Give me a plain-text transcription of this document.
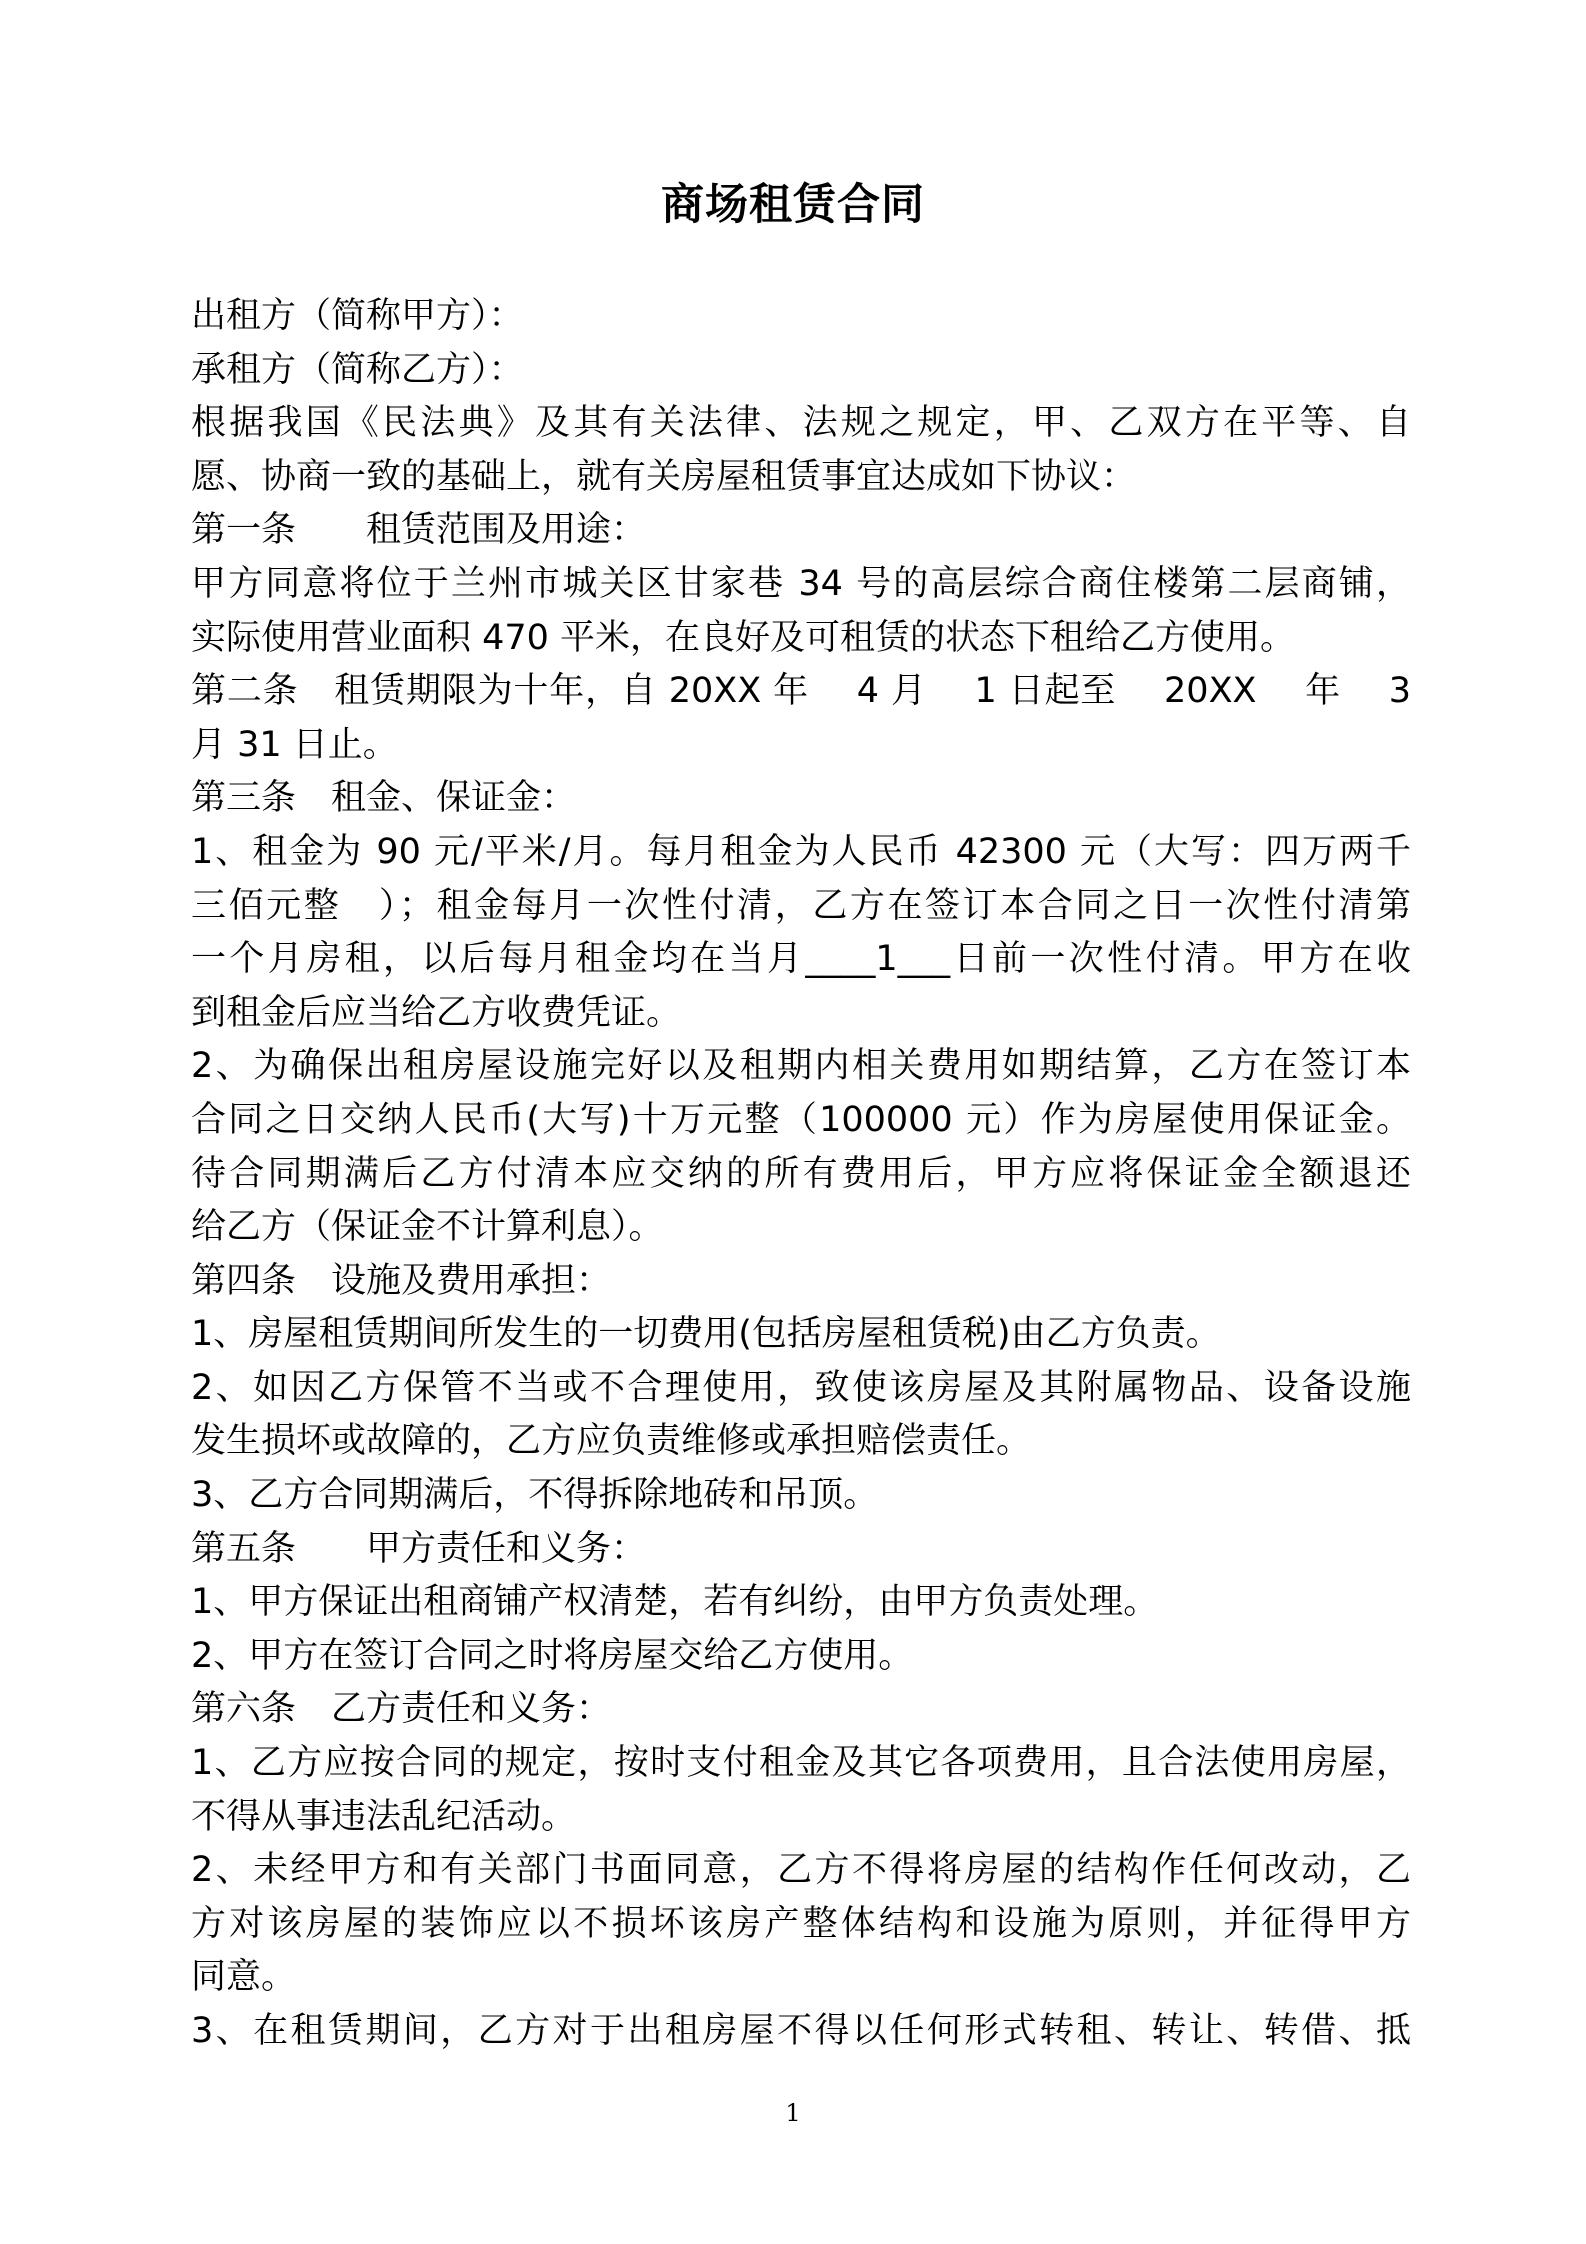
商场租赁合同
出租方（简称甲方）：
承租方（简称乙方）：
根据我国《民法典》及其有关法律、法规之规定，甲、乙双方在平等、自
愿、协商一致的基础上，就有关房屋租赁事宜达成如下协议：
第一条　　租赁范围及用途：
甲方同意将位于兰州市城关区甘家巷 34 号的高层综合商住楼第二层商铺，
实际使用营业面积 470 平米，在良好及可租赁的状态下租给乙方使用。
第二条　租赁期限为十年，自 20XX 年　 4 月　 1 日起至　 20XX　 年　 3
月 31 日止。
第三条　租金、保证金：
1、租金为 90 元/平米/月。每月租金为人民币 42300 元（大写：四万两千
三佰元整　）；租金每月一次性付清，乙方在签订本合同之日一次性付清第
一个月房租，以后每月租金均在当月____1___日前一次性付清。甲方在收
到租金后应当给乙方收费凭证。
2、为确保出租房屋设施完好以及租期内相关费用如期结算，乙方在签订本
合同之日交纳人民币(大写)十万元整（100000 元）作为房屋使用保证金。
待合同期满后乙方付清本应交纳的所有费用后，甲方应将保证金全额退还
给乙方（保证金不计算利息）。
第四条　设施及费用承担：
1、房屋租赁期间所发生的一切费用(包括房屋租赁税)由乙方负责。
2、如因乙方保管不当或不合理使用，致使该房屋及其附属物品、设备设施
发生损坏或故障的，乙方应负责维修或承担赔偿责任。
3、乙方合同期满后，不得拆除地砖和吊顶。
第五条　　甲方责任和义务：
1、甲方保证出租商铺产权清楚，若有纠纷，由甲方负责处理。
2、甲方在签订合同之时将房屋交给乙方使用。
第六条　乙方责任和义务：
1、乙方应按合同的规定，按时支付租金及其它各项费用，且合法使用房屋，
不得从事违法乱纪活动。
2、未经甲方和有关部门书面同意，乙方不得将房屋的结构作任何改动，乙
方对该房屋的装饰应以不损坏该房产整体结构和设施为原则，并征得甲方
同意。
3、在租赁期间，乙方对于出租房屋不得以任何形式转租、转让、转借、抵
1
